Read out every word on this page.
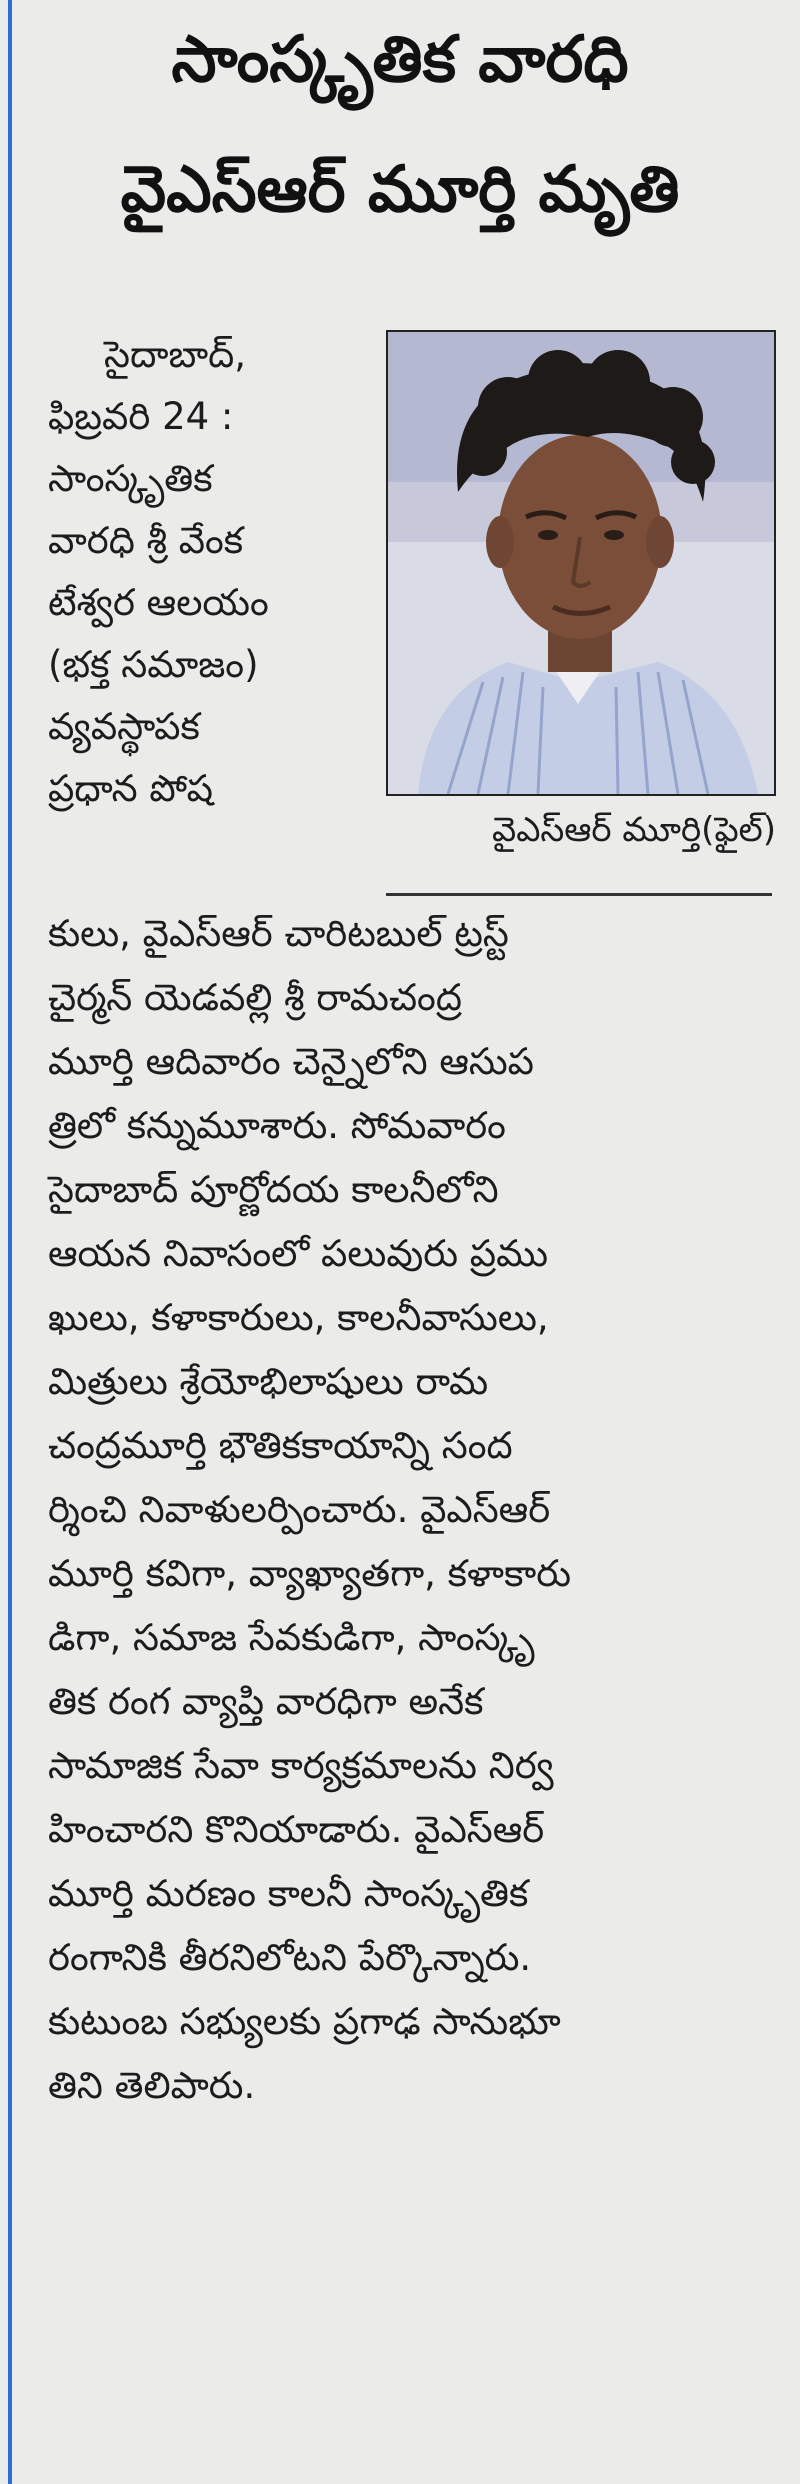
సాంస్కృతిక వారధి
వైఎస్ఆర్ మూర్తి మృతి
సైదాబాద్,
ఫిబ్రవరి 24 :
సాంస్కృతిక
వారధి శ్రీ వేంక
టేశ్వర ఆలయం
(భక్త సమాజం)
వ్యవస్థాపక
ప్రధాన పోష
వైఎస్ఆర్ మూర్తి(ఫైల్)
కులు, వైఎస్ఆర్ చారిటబుల్ ట్రస్ట్
చైర్మన్ యెడవల్లి శ్రీ రామచంద్ర
మూర్తి ఆదివారం చెన్నైలోని ఆసుప
త్రిలో కన్నుమూశారు. సోమవారం
సైదాబాద్ పూర్ణోదయ కాలనీలోని
ఆయన నివాసంలో పలువురు ప్రము
ఖులు, కళాకారులు, కాలనీవాసులు,
మిత్రులు శ్రేయోభిలాషులు రామ
చంద్రమూర్తి భౌతికకాయాన్ని సంద
ర్శించి నివాళులర్పించారు. వైఎస్ఆర్
మూర్తి కవిగా, వ్యాఖ్యాతగా, కళాకారు
డిగా, సమాజ సేవకుడిగా, సాంస్కృ
తిక రంగ వ్యాప్తి వారధిగా అనేక
సామాజిక సేవా కార్యక్రమాలను నిర్వ
హించారని కొనియాడారు. వైఎస్ఆర్
మూర్తి మరణం కాలనీ సాంస్కృతిక
రంగానికి తీరనిలోటని పేర్కొన్నారు.
కుటుంబ సభ్యులకు ప్రగాఢ సానుభూ
తిని తెలిపారు.
